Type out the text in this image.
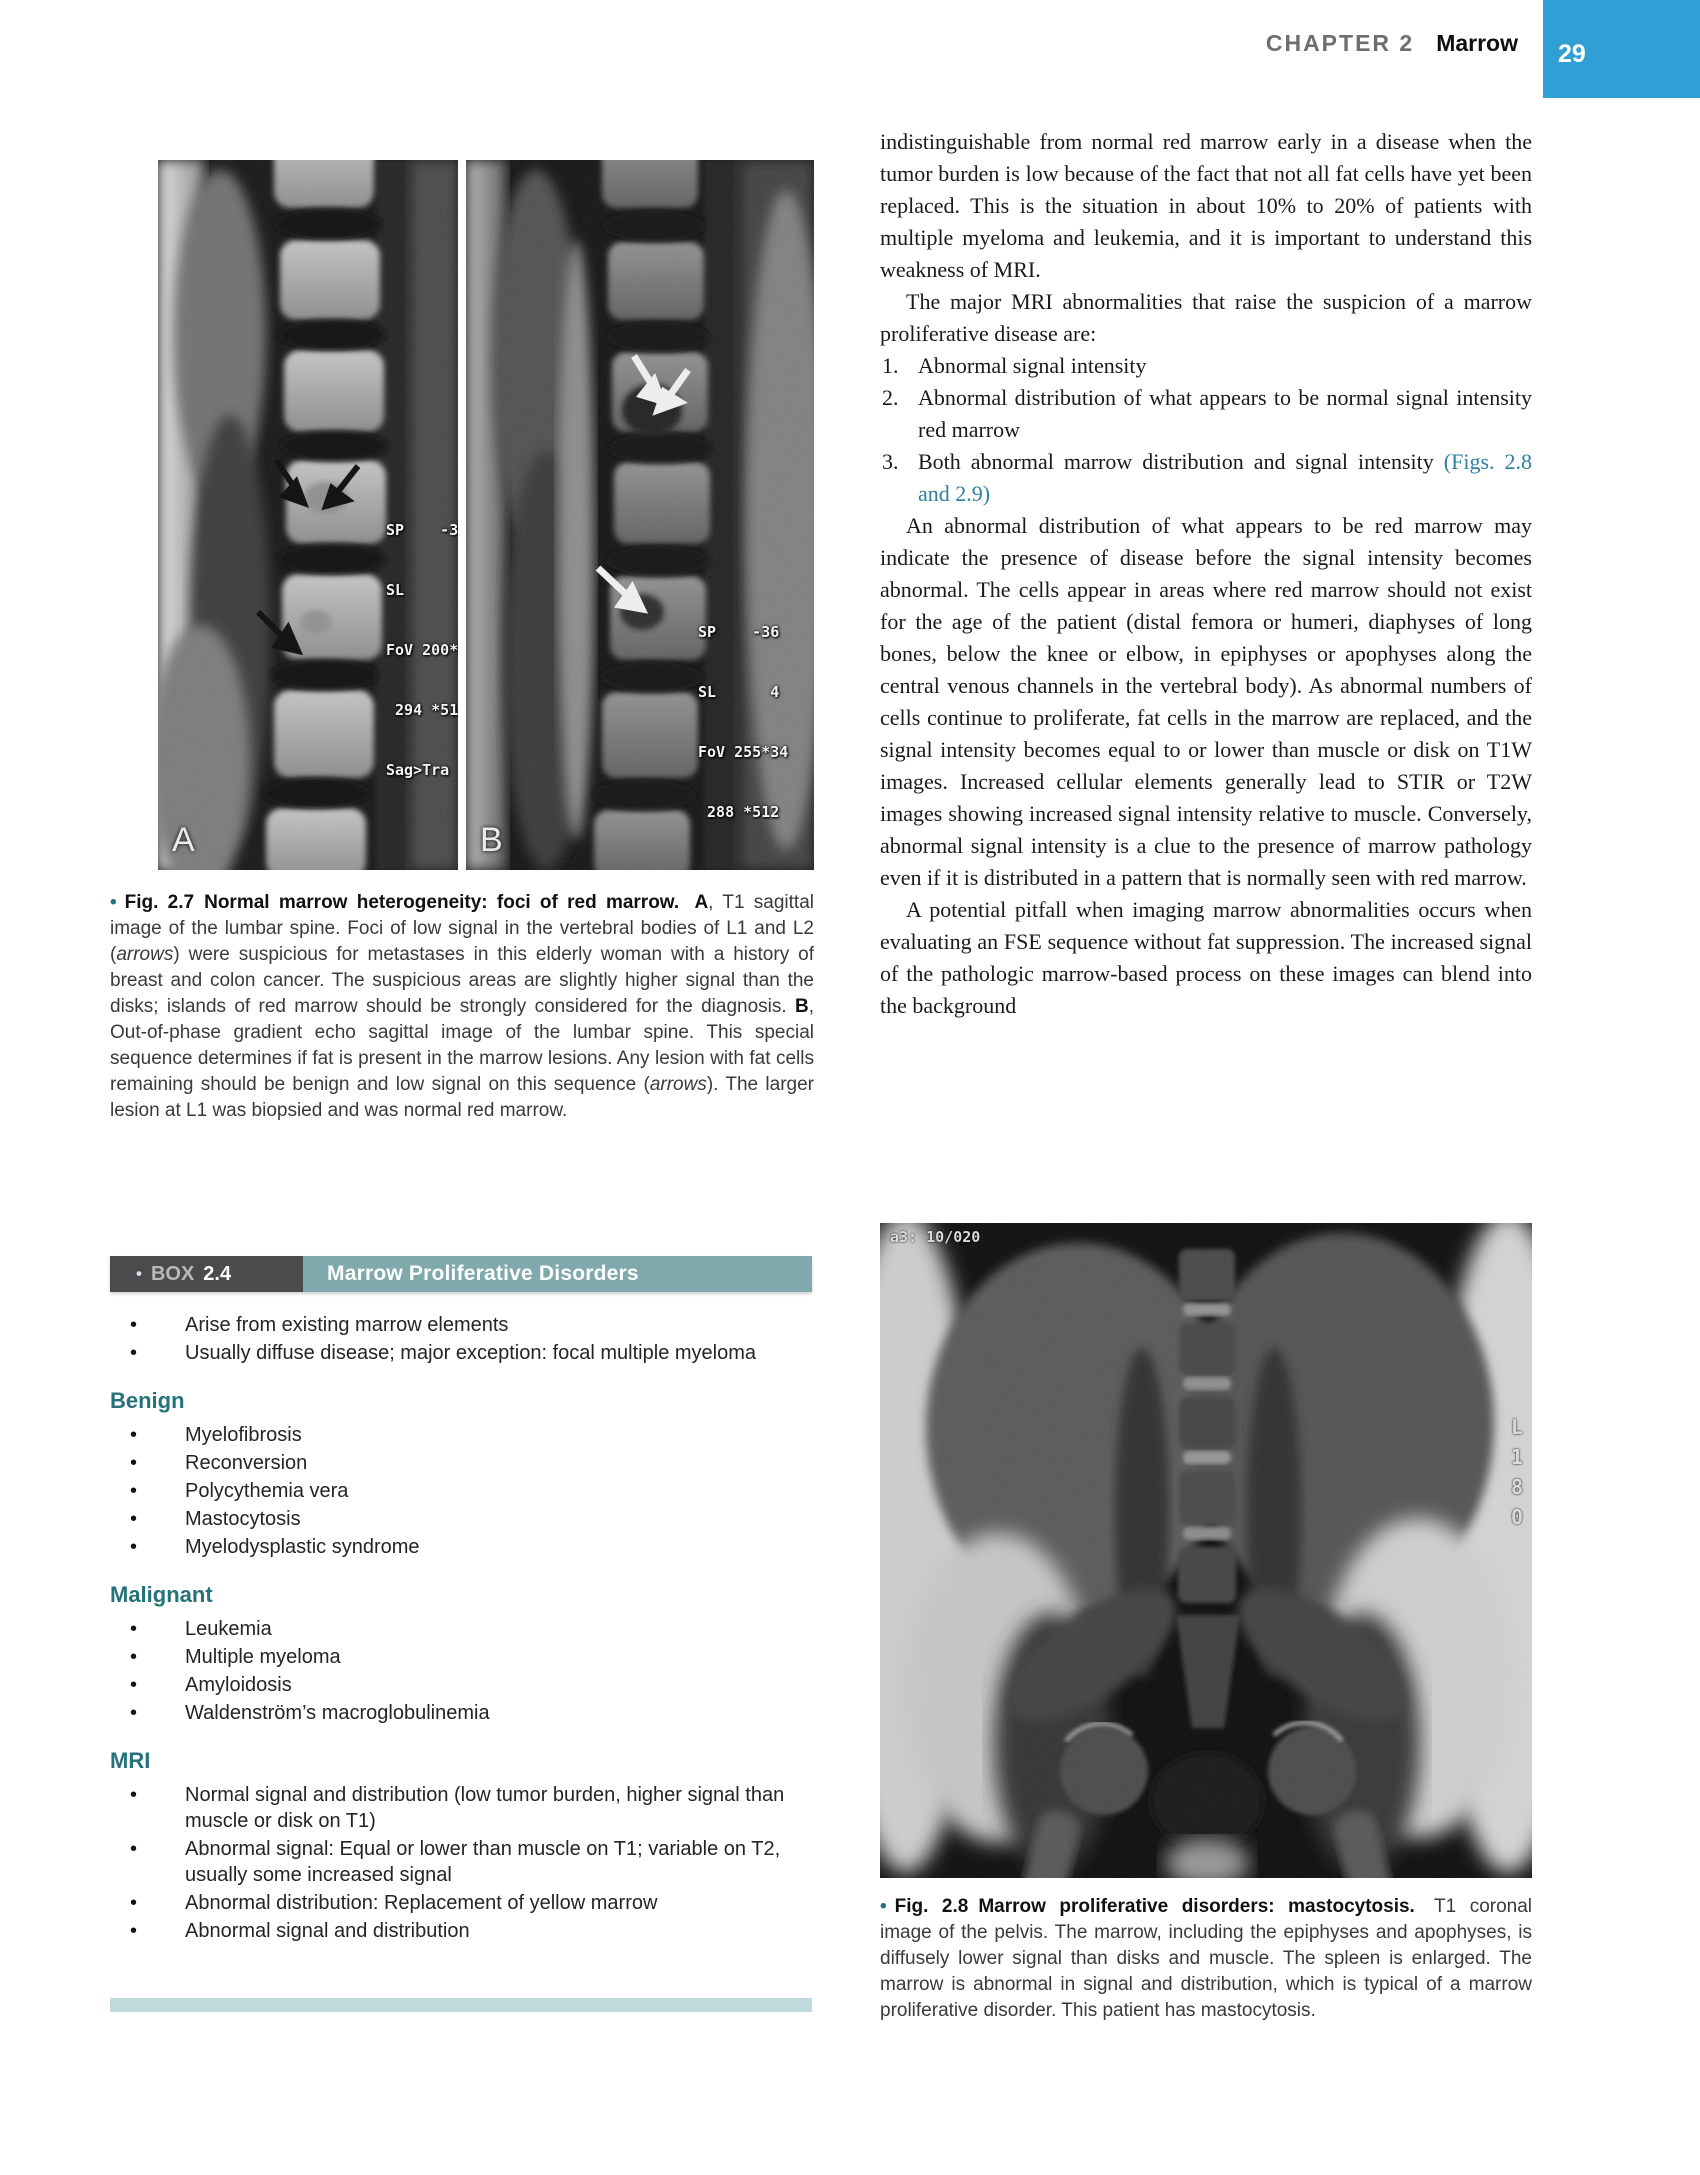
CHAPTER 2 Marrow 29

SP    -3

SL

FoV 200*

294 *51

Sag>Tra

A

SP    -36

SL      4

FoV 255*34

288 *512

B
• Fig. 2.7 Normal marrow heterogeneity: foci of red marrow. A, T1 sagittal image of the lumbar spine. Foci of low signal in the vertebral bodies of L1 and L2 (arrows) were suspicious for metastases in this elderly woman with a history of breast and colon cancer. The suspicious areas are slightly higher signal than the disks; islands of red marrow should be strongly considered for the diagnosis. B, Out-of-phase gradient echo sagittal image of the lumbar spine. This special sequence determines if fat is present in the marrow lesions. Any lesion with fat cells remaining should be benign and low signal on this sequence (arrows). The larger lesion at L1 was biopsied and was normal red marrow.

indistinguishable from normal red marrow early in a disease when the tumor burden is low because of the fact that not all fat cells have yet been replaced. This is the situation in about 10% to 20% of patients with multiple myeloma and leukemia, and it is important to understand this weakness of MRI.

The major MRI abnormalities that raise the suspicion of a marrow proliferative disease are:

1. Abnormal signal intensity
2. Abnormal distribution of what appears to be normal signal intensity red marrow
3. Both abnormal marrow distribution and signal intensity (Figs. 2.8 and 2.9)

An abnormal distribution of what appears to be red marrow may indicate the presence of disease before the signal intensity becomes abnormal. The cells appear in areas where red marrow should not exist for the age of the patient (distal femora or humeri, diaphyses of long bones, below the knee or elbow, in epiphyses or apophyses along the central venous channels in the vertebral body). As abnormal numbers of cells continue to proliferate, fat cells in the marrow are replaced, and the signal intensity becomes equal to or lower than muscle or disk on T1W images. Increased cellular elements generally lead to STIR or T2W images showing increased signal intensity relative to muscle. Conversely, abnormal signal intensity is a clue to the presence of marrow pathology even if it is distributed in a pattern that is normally seen with red marrow.

A potential pitfall when imaging marrow abnormalities occurs when evaluating an FSE sequence without fat suppression. The increased signal of the pathologic marrow-based process on these images can blend into the background

• BOX 2.4	Marrow Proliferative Disorders
• Arise from existing marrow elements
• Usually diffuse disease; major exception: focal multiple myeloma
Benign
• Myelofibrosis
• Reconversion
• Polycythemia vera
• Mastocytosis
• Myelodysplastic syndrome
Malignant
• Leukemia
• Multiple myeloma
• Amyloidosis
• Waldenström’s macroglobulinemia
MRI
• Normal signal and distribution (low tumor burden, higher signal than muscle or disk on T1)
• Abnormal signal: Equal or lower than muscle on T1; variable on T2, usually some increased signal
• Abnormal distribution: Replacement of yellow marrow
• Abnormal signal and distribution
a3: 10/020
L
1
8
0
• Fig. 2.8 Marrow proliferative disorders: mastocytosis. T1 coronal image of the pelvis. The marrow, including the epiphyses and apophyses, is diffusely lower signal than disks and muscle. The spleen is enlarged. The marrow is abnormal in signal and distribution, which is typical of a marrow proliferative disorder. This patient has mastocytosis.
